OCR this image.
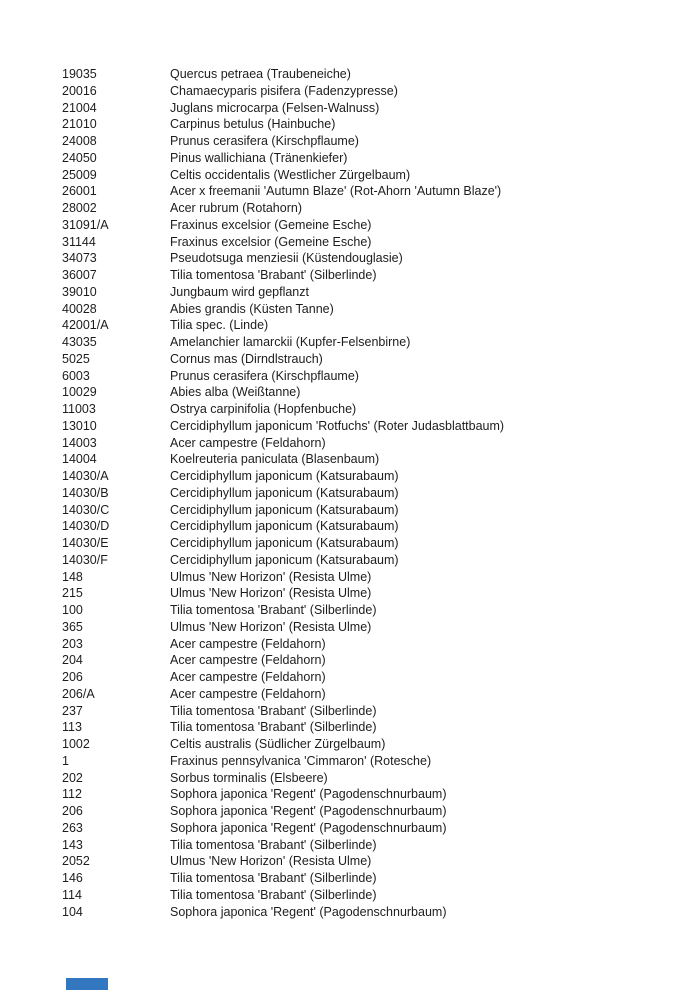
19035	Quercus petraea (Traubeneiche)
20016	Chamaecyparis pisifera (Fadenzypresse)
21004	Juglans microcarpa (Felsen-Walnuss)
21010	Carpinus betulus (Hainbuche)
24008	Prunus cerasifera (Kirschpflaume)
24050	Pinus wallichiana (Tränenkiefer)
25009	Celtis occidentalis (Westlicher Zürgelbaum)
26001	Acer x freemanii 'Autumn Blaze' (Rot-Ahorn 'Autumn Blaze')
28002	Acer rubrum (Rotahorn)
31091/A	Fraxinus excelsior (Gemeine Esche)
31144	Fraxinus excelsior (Gemeine Esche)
34073	Pseudotsuga menziesii (Küstendouglasie)
36007	Tilia tomentosa 'Brabant' (Silberlinde)
39010	Jungbaum wird gepflanzt
40028	Abies grandis (Küsten Tanne)
42001/A	Tilia spec. (Linde)
43035	Amelanchier lamarckii (Kupfer-Felsenbirne)
5025	Cornus mas (Dirndlstrauch)
6003	Prunus cerasifera (Kirschpflaume)
10029	Abies alba (Weißtanne)
11003	Ostrya carpinifolia (Hopfenbuche)
13010	Cercidiphyllum japonicum 'Rotfuchs' (Roter Judasblattbaum)
14003	Acer campestre (Feldahorn)
14004	Koelreuteria paniculata (Blasenbaum)
14030/A	Cercidiphyllum japonicum (Katsurabaum)
14030/B	Cercidiphyllum japonicum (Katsurabaum)
14030/C	Cercidiphyllum japonicum (Katsurabaum)
14030/D	Cercidiphyllum japonicum (Katsurabaum)
14030/E	Cercidiphyllum japonicum (Katsurabaum)
14030/F	Cercidiphyllum japonicum (Katsurabaum)
148	Ulmus 'New Horizon' (Resista Ulme)
215	Ulmus 'New Horizon' (Resista Ulme)
100	Tilia tomentosa 'Brabant' (Silberlinde)
365	Ulmus 'New Horizon' (Resista Ulme)
203	Acer campestre (Feldahorn)
204	Acer campestre (Feldahorn)
206	Acer campestre (Feldahorn)
206/A	Acer campestre (Feldahorn)
237	Tilia tomentosa 'Brabant' (Silberlinde)
113	Tilia tomentosa 'Brabant' (Silberlinde)
1002	Celtis australis (Südlicher Zürgelbaum)
1	Fraxinus pennsylvanica 'Cimmaron' (Rotesche)
202	Sorbus torminalis (Elsbeere)
112	Sophora japonica 'Regent' (Pagodenschnurbaum)
206	Sophora japonica 'Regent' (Pagodenschnurbaum)
263	Sophora japonica 'Regent' (Pagodenschnurbaum)
143	Tilia tomentosa 'Brabant' (Silberlinde)
2052	Ulmus 'New Horizon' (Resista Ulme)
146	Tilia tomentosa 'Brabant' (Silberlinde)
114	Tilia tomentosa 'Brabant' (Silberlinde)
104	Sophora japonica 'Regent' (Pagodenschnurbaum)
